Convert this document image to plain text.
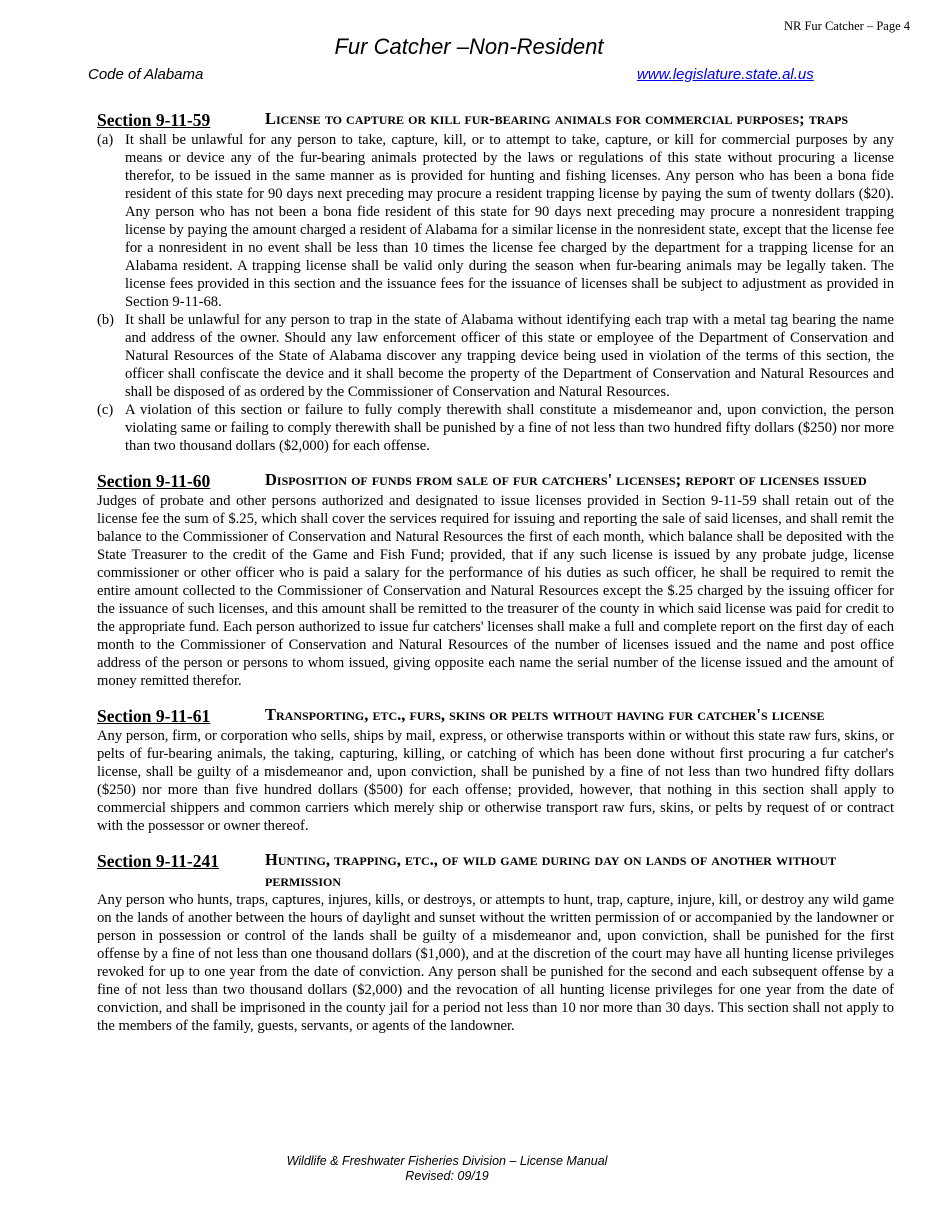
NR Fur Catcher – Page 4
Fur Catcher –Non-Resident
Code of Alabama	www.legislature.state.al.us
Section 9-11-59	License to capture or kill fur-bearing animals for commercial purposes; traps
(a) It shall be unlawful for any person to take, capture, kill, or to attempt to take, capture, or kill for commercial purposes by any means or device any of the fur-bearing animals protected by the laws or regulations of this state without procuring a license therefor, to be issued in the same manner as is provided for hunting and fishing licenses. Any person who has been a bona fide resident of this state for 90 days next preceding may procure a resident trapping license by paying the sum of twenty dollars ($20). Any person who has not been a bona fide resident of this state for 90 days next preceding may procure a nonresident trapping license by paying the amount charged a resident of Alabama for a similar license in the nonresident state, except that the license fee for a nonresident in no event shall be less than 10 times the license fee charged by the department for a trapping license for an Alabama resident. A trapping license shall be valid only during the season when fur-bearing animals may be legally taken. The license fees provided in this section and the issuance fees for the issuance of licenses shall be subject to adjustment as provided in Section 9-11-68.
(b) It shall be unlawful for any person to trap in the state of Alabama without identifying each trap with a metal tag bearing the name and address of the owner. Should any law enforcement officer of this state or employee of the Department of Conservation and Natural Resources of the State of Alabama discover any trapping device being used in violation of the terms of this section, the officer shall confiscate the device and it shall become the property of the Department of Conservation and Natural Resources and shall be disposed of as ordered by the Commissioner of Conservation and Natural Resources.
(c) A violation of this section or failure to fully comply therewith shall constitute a misdemeanor and, upon conviction, the person violating same or failing to comply therewith shall be punished by a fine of not less than two hundred fifty dollars ($250) nor more than two thousand dollars ($2,000) for each offense.
Section 9-11-60	Disposition of funds from sale of fur catchers' licenses; report of licenses issued

Judges of probate and other persons authorized and designated to issue licenses provided in Section 9-11-59 shall retain out of the license fee the sum of $.25, which shall cover the services required for issuing and reporting the sale of said licenses, and shall remit the balance to the Commissioner of Conservation and Natural Resources the first of each month, which balance shall be deposited with the State Treasurer to the credit of the Game and Fish Fund; provided, that if any such license is issued by any probate judge, license commissioner or other officer who is paid a salary for the performance of his duties as such officer, he shall be required to remit the entire amount collected to the Commissioner of Conservation and Natural Resources except the $.25 charged by the issuing officer for the issuance of such licenses, and this amount shall be remitted to the treasurer of the county in which said license was paid for credit to the appropriate fund. Each person authorized to issue fur catchers' licenses shall make a full and complete report on the first day of each month to the Commissioner of Conservation and Natural Resources of the number of licenses issued and the name and post office address of the person or persons to whom issued, giving opposite each name the serial number of the license issued and the amount of money remitted therefor.

Section 9-11-61	Transporting, etc., furs, skins or pelts without having fur catcher's license

Any person, firm, or corporation who sells, ships by mail, express, or otherwise transports within or without this state raw furs, skins, or pelts of fur-bearing animals, the taking, capturing, killing, or catching of which has been done without first procuring a fur catcher's license, shall be guilty of a misdemeanor and, upon conviction, shall be punished by a fine of not less than two hundred fifty dollars ($250) nor more than five hundred dollars ($500) for each offense; provided, however, that nothing in this section shall apply to commercial shippers and common carriers which merely ship or otherwise transport raw furs, skins, or pelts by request of or contract with the possessor or owner thereof.

Section 9-11-241	Hunting, trapping, etc., of wild game during day on lands of another without permission

Any person who hunts, traps, captures, injures, kills, or destroys, or attempts to hunt, trap, capture, injure, kill, or destroy any wild game on the lands of another between the hours of daylight and sunset without the written permission of or accompanied by the landowner or person in possession or control of the lands shall be guilty of a misdemeanor and, upon conviction, shall be punished for the first offense by a fine of not less than one thousand dollars ($1,000), and at the discretion of the court may have all hunting license privileges revoked for up to one year from the date of conviction. Any person shall be punished for the second and each subsequent offense by a fine of not less than two thousand dollars ($2,000) and the revocation of all hunting license privileges for one year from the date of conviction, and shall be imprisoned in the county jail for a period not less than 10 nor more than 30 days. This section shall not apply to the members of the family, guests, servants, or agents of the landowner.

Wildlife & Freshwater Fisheries Division – License Manual
Revised: 09/19
